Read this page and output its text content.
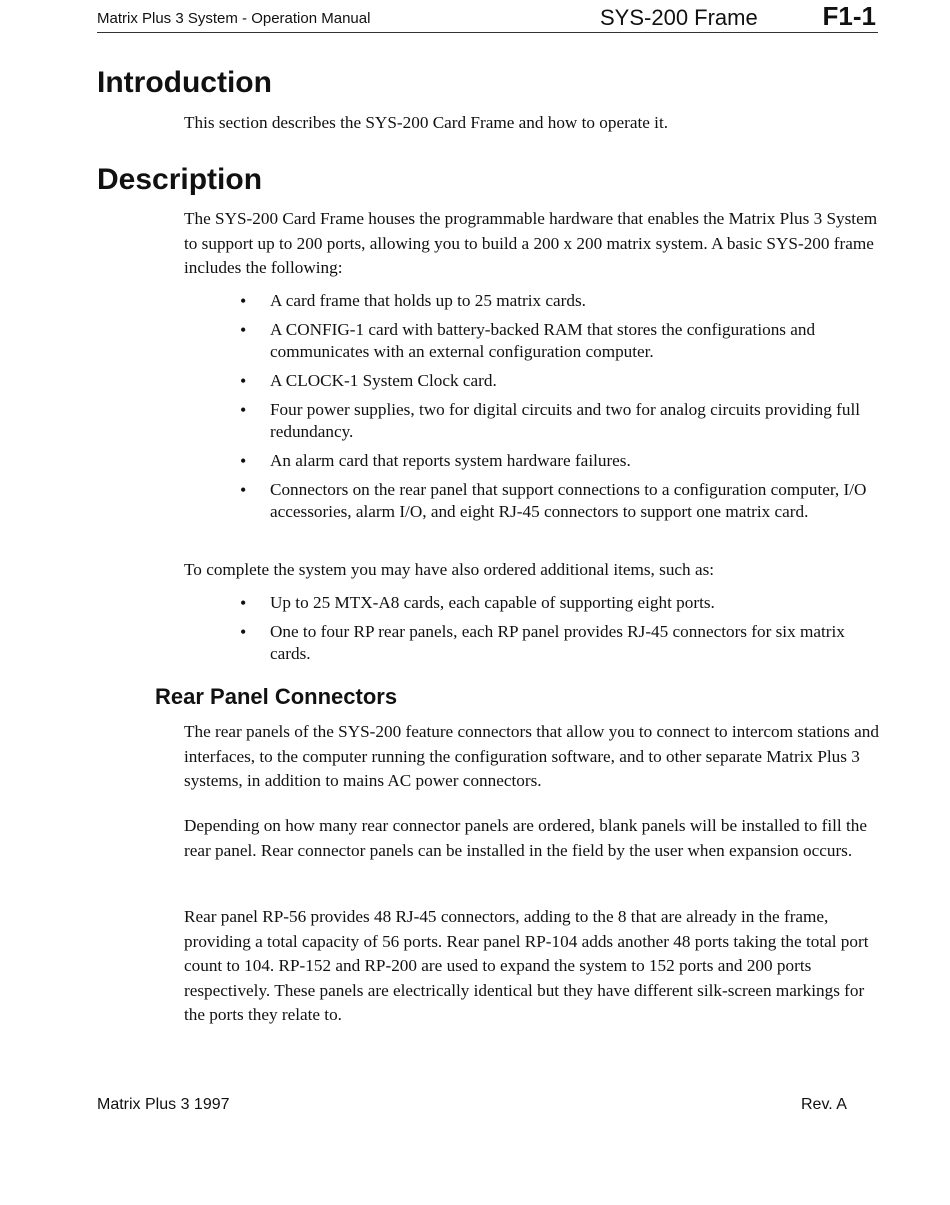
Matrix Plus 3 System - Operation Manual	SYS-200 Frame F1-1
Introduction

This section describes the SYS-200 Card Frame and how to operate it.

Description

The SYS-200 Card Frame houses the programmable hardware that enables the Matrix Plus 3 System to support up to 200 ports, allowing you to build a 200 x 200 matrix system. A basic SYS-200 frame includes the following:

• A card frame that holds up to 25 matrix cards.
• A CONFIG-1 card with battery-backed RAM that stores the configurations and communicates with an external configuration computer.
• A CLOCK-1 System Clock card.
• Four power supplies, two for digital circuits and two for analog circuits providing full redundancy.
• An alarm card that reports system hardware failures.
• Connectors on the rear panel that support connections to a configuration computer, I/O accessories, alarm I/O, and eight RJ-45 connectors to support one matrix card.

To complete the system you may have also ordered additional items, such as:

• Up to 25 MTX-A8 cards, each capable of supporting eight ports.
• One to four RP rear panels, each RP panel provides RJ-45 connectors for six matrix cards.
Rear Panel Connectors

The rear panels of the SYS-200 feature connectors that allow you to connect to intercom stations and interfaces, to the computer running the configuration software, and to other separate Matrix Plus 3 systems, in addition to mains AC power connectors.

Depending on how many rear connector panels are ordered, blank panels will be installed to fill the rear panel. Rear connector panels can be installed in the field by the user when expansion occurs.

Rear panel RP-56 provides 48 RJ-45 connectors, adding to the 8 that are already in the frame, providing a total capacity of 56 ports. Rear panel RP-104 adds another 48 ports taking the total port count to 104. RP-152 and RP-200 are used to expand the system to 152 ports and 200 ports respectively. These panels are electrically identical but they have different silk-screen markings for the ports they relate to.

Matrix Plus 3 1997	Rev. A
